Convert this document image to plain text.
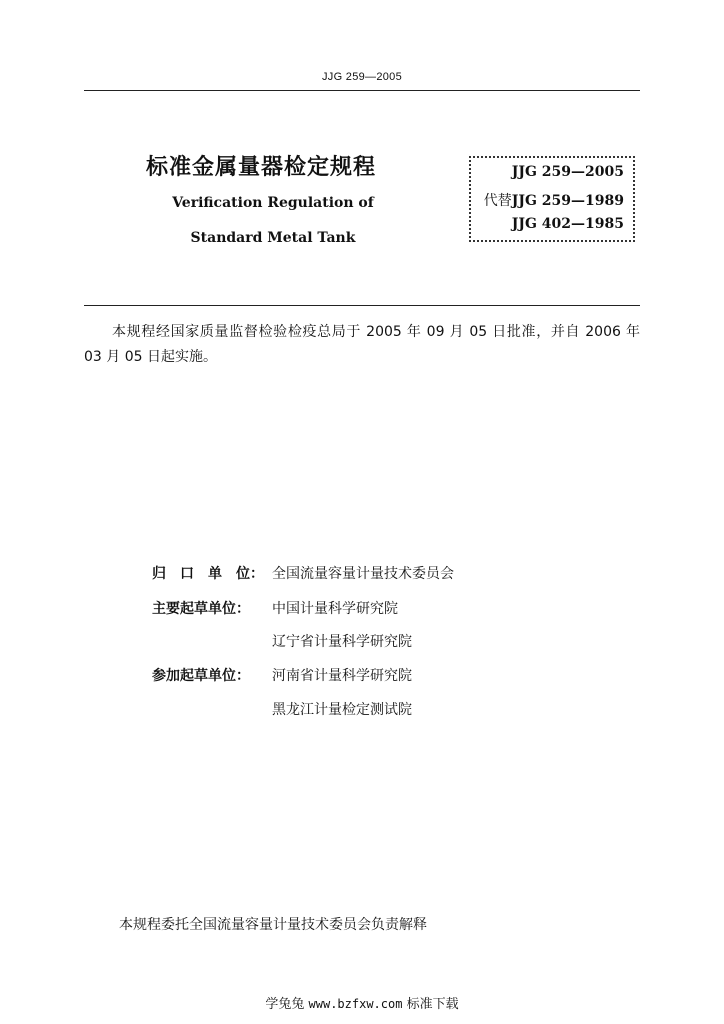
JJG 259—2005
标准金属量器检定规程
Verification Regulation of
Standard Metal Tank
JJG 259—2005
代替JJG 259—1989
JJG 402—1985
本规程经国家质量监督检验检疫总局于 2005 年 09 月 05 日批准，并自 2006 年 03 月 05 日起实施。
归 口 单 位 ： 全国流量容量计量技术委员会
主要起草单位：	中国计量科学研究院
辽宁省计量科学研究院
参加起草单位：	河南省计量科学研究院
黑龙江计量检定测试院
本规程委托全国流量容量计量技术委员会负责解释
学兔兔 www.bzfxw.com 标准下载
